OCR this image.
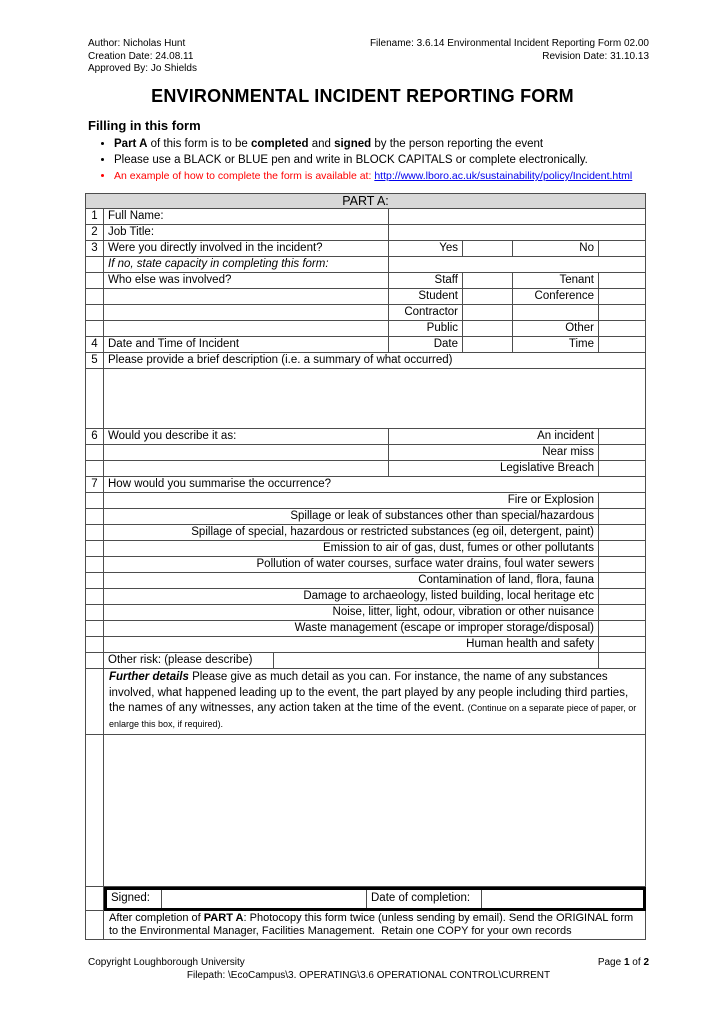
Author: Nicholas Hunt
Creation Date: 24.08.11
Approved By: Jo Shields
Filename: 3.6.14 Environmental Incident Reporting Form 02.00
Revision Date: 31.10.13
ENVIRONMENTAL INCIDENT REPORTING FORM
Filling in this form
• Part A of this form is to be completed and signed by the person reporting the event
• Please use a BLACK or BLUE pen and write in BLOCK CAPITALS or complete electronically.
• An example of how to complete the form is available at: http://www.lboro.ac.uk/sustainability/policy/Incident.html
PART A:
1 Full Name:
2 Job Title:
3 Were you directly involved in the incident?	Yes	No
If no, state capacity in completing this form:
Who else was involved?	Staff	Tenant
Student	Conference
Contractor
Public	Other
4 Date and Time of Incident	Date	Time
5 Please provide a brief description (i.e. a summary of what occurred)
6 Would you describe it as:	An incident
Near miss
Legislative Breach
7 How would you summarise the occurrence?
Fire or Explosion
Spillage or leak of substances other than special/hazardous
Spillage of special, hazardous or restricted substances (eg oil, detergent, paint)
Emission to air of gas, dust, fumes or other pollutants
Pollution of water courses, surface water drains, foul water sewers
Contamination of land, flora, fauna
Damage to archaeology, listed building, local heritage etc
Noise, litter, light, odour, vibration or other nuisance
Waste management (escape or improper storage/disposal)
Human health and safety
Other risk: (please describe)
Further details Please give as much detail as you can. For instance, the name of any substances involved, what happened leading up to the event, the part played by any people including third parties, the names of any witnesses, any action taken at the time of the event. (Continue on a separate piece of paper, or enlarge this box, if required).
Signed:	Date of completion:
After completion of PART A: Photocopy this form twice (unless sending by email). Send the ORIGINAL form to the Environmental Manager, Facilities Management.  Retain one COPY for your own records
Copyright Loughborough University	Page 1 of 2
Filepath: \EcoCampus\3. OPERATING\3.6 OPERATIONAL CONTROL\CURRENT
